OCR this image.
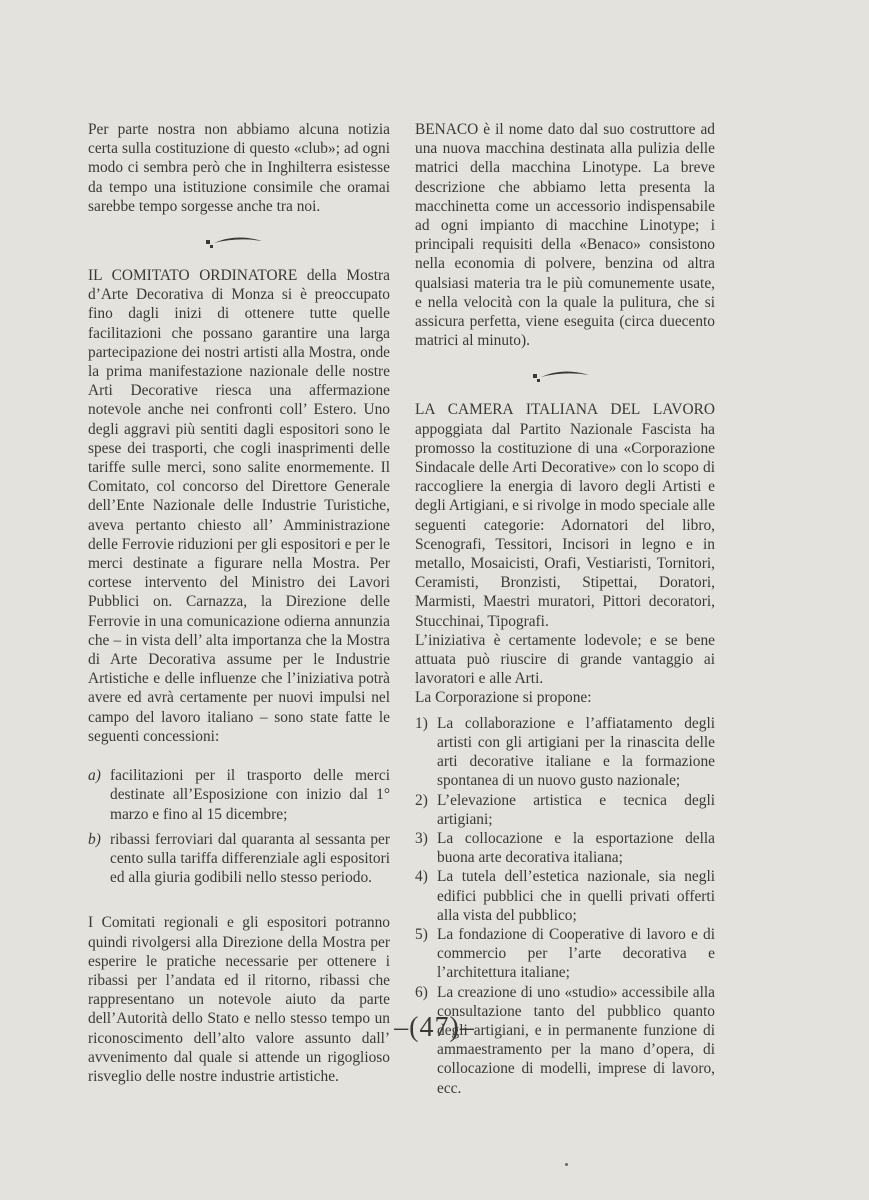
Per parte nostra non abbiamo alcuna notizia certa sulla costituzione di questo «club»; ad ogni modo ci sembra però che in Inghilterra esistesse da tempo una istituzione consimile che oramai sarebbe tempo sorgesse anche tra noi.

IL COMITATO ORDINATORE della Mostra d’Arte Decorativa di Monza si è preoccupato fino dagli inizi di ottenere tutte quelle facilitazioni che possano garantire una larga partecipazione dei nostri artisti alla Mostra, onde la prima manifestazione nazionale delle nostre Arti Decorative riesca una affermazione notevole anche nei confronti coll’ Estero. Uno degli aggravi più sentiti dagli espositori sono le spese dei trasporti, che cogli inasprimenti delle tariffe sulle merci, sono salite enormemente. Il Comitato, col concorso del Direttore Generale dell’Ente Nazionale delle Industrie Turistiche, aveva pertanto chiesto all’ Amministrazione delle Ferrovie riduzioni per gli espositori e per le merci destinate a figurare nella Mostra. Per cortese intervento del Ministro dei Lavori Pubblici on. Carnazza, la Direzione delle Ferrovie in una comunicazione odierna annunzia che – in vista dell’ alta importanza che la Mostra di Arte Decorativa assume per le Industrie Artistiche e delle influenze che l’iniziativa potrà avere ed avrà certamente per nuovi impulsi nel campo del lavoro italiano – sono state fatte le seguenti concessioni:

a) facilitazioni per il trasporto delle merci destinate all’Esposizione con inizio dal 1° marzo e fino al 15 dicembre;
b) ribassi ferroviari dal quaranta al sessanta per cento sulla tariffa differenziale agli espositori ed alla giuria godibili nello stesso periodo.

I Comitati regionali e gli espositori potranno quindi rivolgersi alla Direzione della Mostra per esperire le pratiche necessarie per ottenere i ribassi per l’andata ed il ritorno, ribassi che rappresentano un notevole aiuto da parte dell’Autorità dello Stato e nello stesso tempo un riconoscimento dell’alto valore assunto dall’ avvenimento dal quale si attende un rigoglioso risveglio delle nostre industrie artistiche.

BENACO è il nome dato dal suo costruttore ad una nuova macchina destinata alla pulizia delle matrici della macchina Linotype. La breve descrizione che abbiamo letta presenta la macchinetta come un accessorio indispensabile ad ogni impianto di macchine Linotype; i principali requisiti della «Benaco» consistono nella economia di polvere, benzina od altra qualsiasi materia tra le più comunemente usate, e nella velocità con la quale la pulitura, che si assicura perfetta, viene eseguita (circa duecento matrici al minuto).

LA CAMERA ITALIANA DEL LAVORO appoggiata dal Partito Nazionale Fascista ha promosso la costituzione di una «Corporazione Sindacale delle Arti Decorative» con lo scopo di raccogliere la energia di lavoro degli Artisti e degli Artigiani, e si rivolge in modo speciale alle seguenti categorie: Adornatori del libro, Scenografi, Tessitori, Incisori in legno e in metallo, Mosaicisti, Orafi, Vestiaristi, Tornitori, Ceramisti, Bronzisti, Stipettai, Doratori, Marmisti, Maestri muratori, Pittori decoratori, Stucchinai, Tipografi.

L’iniziativa è certamente lodevole; e se bene attuata può riuscire di grande vantaggio ai lavoratori e alle Arti.

La Corporazione si propone:

1) La collaborazione e l’affiatamento degli artisti con gli artigiani per la rinascita delle arti decorative italiane e la formazione spontanea di un nuovo gusto nazionale;
2) L’elevazione artistica e tecnica degli artigiani;
3) La collocazione e la esportazione della buona arte decorativa italiana;
4) La tutela dell’estetica nazionale, sia negli edifici pubblici che in quelli privati offerti alla vista del pubblico;
5) La fondazione di Cooperative di lavoro e di commercio per l’arte decorativa e l’architettura italiane;
6) La creazione di uno «studio» accessibile alla consultazione tanto del pubblico quanto degli artigiani, e in permanente funzione di ammaestramento per la mano d’opera, di collocazione di modelli, imprese di lavoro, ecc.
–(47)–
